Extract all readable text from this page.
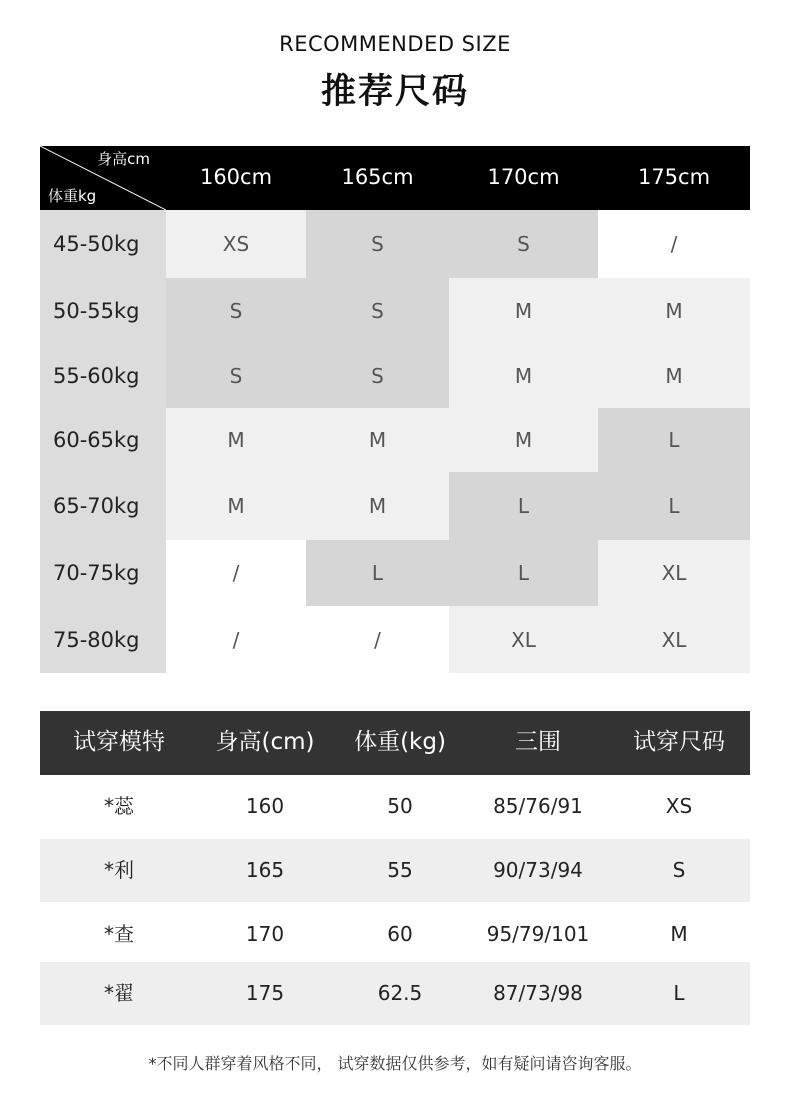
RECOMMENDED SIZE
推荐尺码
身高cm
体重kg
160cm	165cm	170cm	175cm
45-50kg	XS	S	S	/
50-55kg	S	S	M	M
55-60kg	S	S	M	M
60-65kg	M	M	M	L
65-70kg	M	M	L	L
70-75kg	/	L	L	XL
75-80kg	/	/	XL	XL
试穿模特	身高(cm)	体重(kg)	三围	试穿尺码
*蕊	160	50	85/76/91	XS
*利	165	55	90/73/94	S
*查	170	60	95/79/101	M
*翟	175	62.5	87/73/98	L
*不同人群穿着风格不同， 试穿数据仅供参考，如有疑问请咨询客服。
